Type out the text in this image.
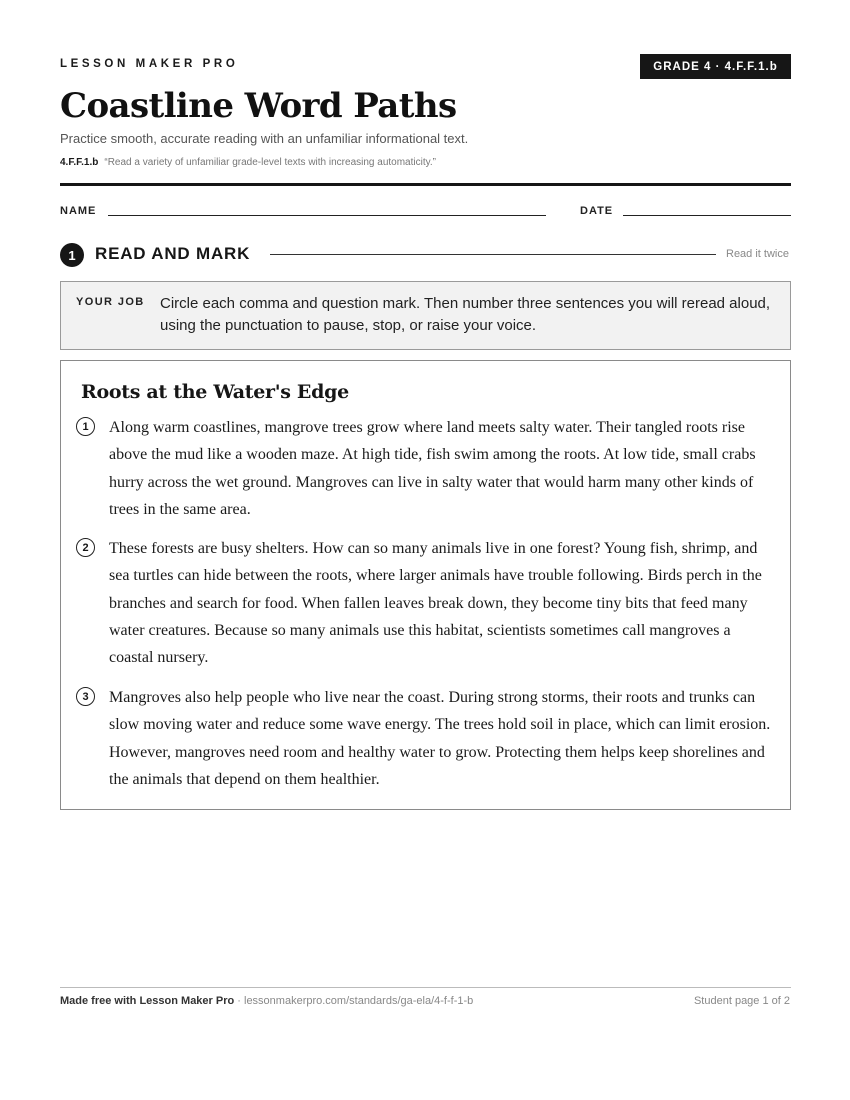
LESSON MAKER PRO	GRADE 4 · 4.F.F.1.b
Coastline Word Paths
Practice smooth, accurate reading with an unfamiliar informational text.
4.F.F.1.b “Read a variety of unfamiliar grade-level texts with increasing automaticity.”
NAME	DATE
1	READ AND MARK	Read it twice
YOUR JOB Circle each comma and question mark. Then number three sentences you will reread aloud, using the punctuation to pause, stop, or raise your voice.
Roots at the Water's Edge
1	Along warm coastlines, mangrove trees grow where land meets salty water. Their tangled roots rise above the mud like a wooden maze. At high tide, fish swim among the roots. At low tide, small crabs hurry across the wet ground. Mangroves can live in salty water that would harm many other kinds of trees in the same area.
2	These forests are busy shelters. How can so many animals live in one forest? Young fish, shrimp, and sea turtles can hide between the roots, where larger animals have trouble following. Birds perch in the branches and search for food. When fallen leaves break down, they become tiny bits that feed many water creatures. Because so many animals use this habitat, scientists sometimes call mangroves a coastal nursery.
3	Mangroves also help people who live near the coast. During strong storms, their roots and trunks can slow moving water and reduce some wave energy. The trees hold soil in place, which can limit erosion. However, mangroves need room and healthy water to grow. Protecting them helps keep shorelines and the animals that depend on them healthier.
Made free with Lesson Maker Pro · lessonmakerpro.com/standards/ga-ela/4-f-f-1-b	Student page 1 of 2
